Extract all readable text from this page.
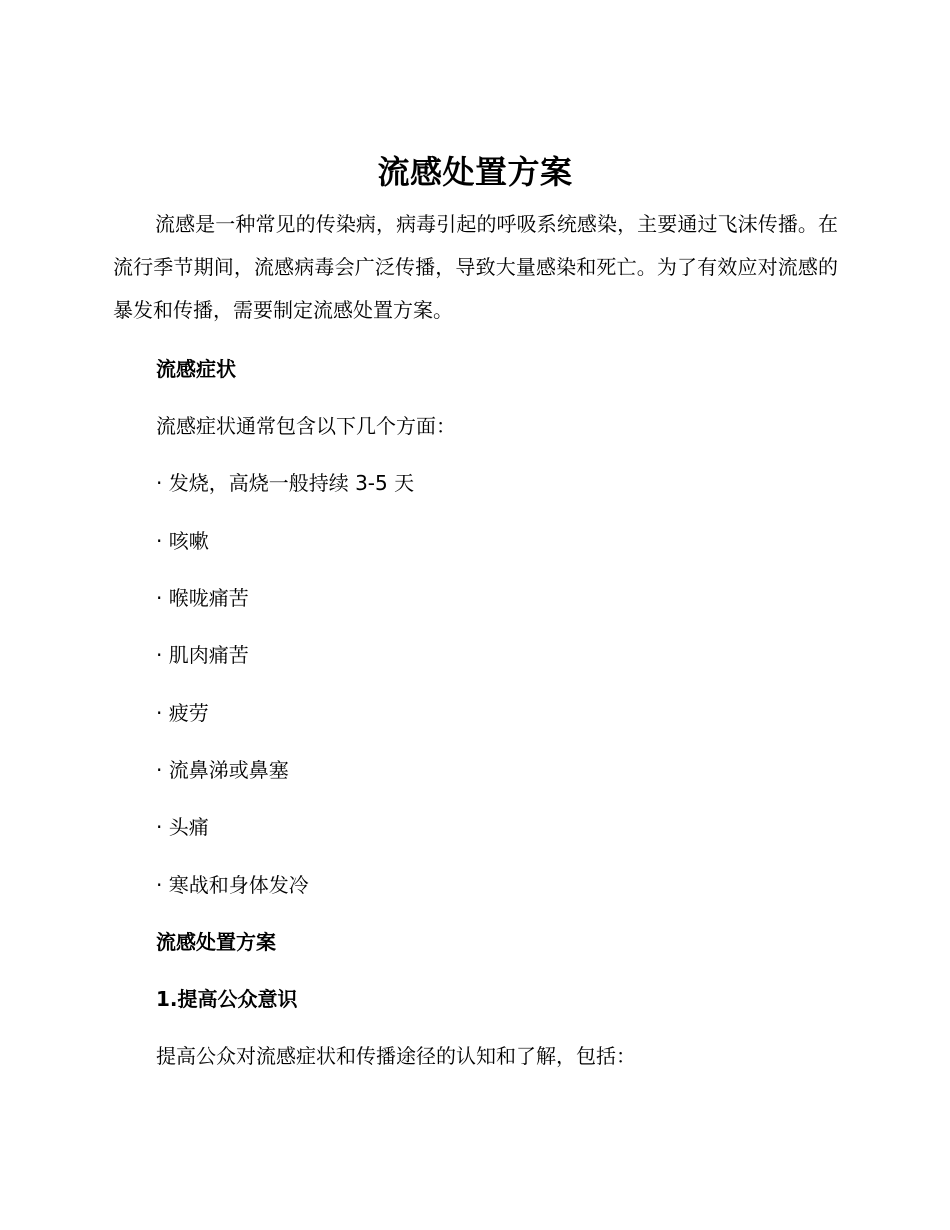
流感处置方案

流感是一种常见的传染病，病毒引起的呼吸系统感染，主要通过飞沫传播。在流行季节期间，流感病毒会广泛传播，导致大量感染和死亡。为了有效应对流感的暴发和传播，需要制定流感处置方案。

流感症状

流感症状通常包含以下几个方面：

· 发烧，高烧一般持续 3-5 天

· 咳嗽

· 喉咙痛苦

· 肌肉痛苦

· 疲劳

· 流鼻涕或鼻塞

· 头痛

· 寒战和身体发冷

流感处置方案

1.提高公众意识

提高公众对流感症状和传播途径的认知和了解，包括：
